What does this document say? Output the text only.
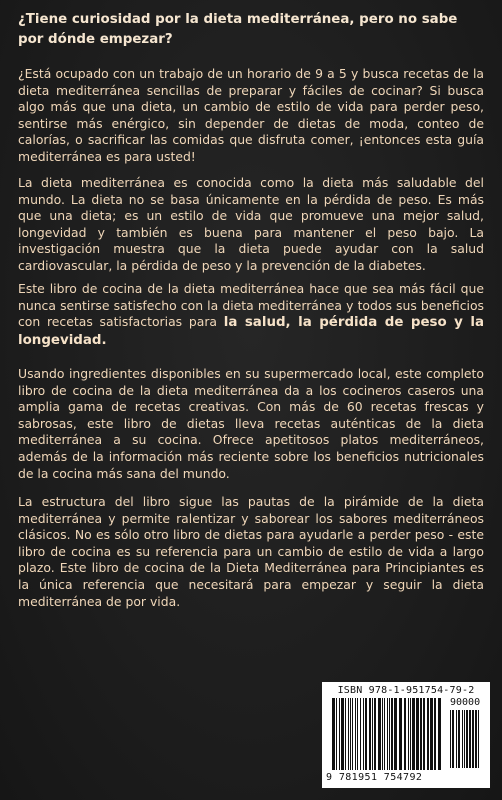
¿Tiene curiosidad por la dieta mediterránea, pero no sabe por dónde empezar?

¿Está ocupado con un trabajo de un horario de 9 a 5 y busca recetas de la dieta mediterránea sencillas de preparar y fáciles de cocinar? Si busca algo más que una dieta, un cambio de estilo de vida para perder peso, sentirse más enérgico, sin depender de dietas de moda, conteo de calorías, o sacrificar las comidas que disfruta comer, ¡entonces esta guía mediterránea es para usted!

La dieta mediterránea es conocida como la dieta más saludable del mundo. La dieta no se basa únicamente en la pérdida de peso. Es más que una dieta; es un estilo de vida que promueve una mejor salud, longevidad y también es buena para mantener el peso bajo. La investigación muestra que la dieta puede ayudar con la salud cardiovascular, la pérdida de peso y la prevención de la diabetes.

Este libro de cocina de la dieta mediterránea hace que sea más fácil que nunca sentirse satisfecho con la dieta mediterránea y todos sus beneficios con recetas satisfactorias para la salud, la pérdida de peso y la longevidad.

Usando ingredientes disponibles en su supermercado local, este completo libro de cocina de la dieta mediterránea da a los cocineros caseros una amplia gama de recetas creativas. Con más de 60 recetas frescas y sabrosas, este libro de dietas lleva recetas auténticas de la dieta mediterránea a su cocina. Ofrece apetitosos platos mediterráneos, además de la información más reciente sobre los beneficios nutricionales de la cocina más sana del mundo.

La estructura del libro sigue las pautas de la pirámide de la dieta mediterránea y permite ralentizar y saborear los sabores mediterráneos clásicos. No es sólo otro libro de dietas para ayudarle a perder peso - este libro de cocina es su referencia para un cambio de estilo de vida a largo plazo. Este libro de cocina de la Dieta Mediterránea para Principiantes es la única referencia que necesitará para empezar y seguir la dieta mediterránea de por vida.

ISBN 978-1-951754-79-2
90000
9 781951 754792
